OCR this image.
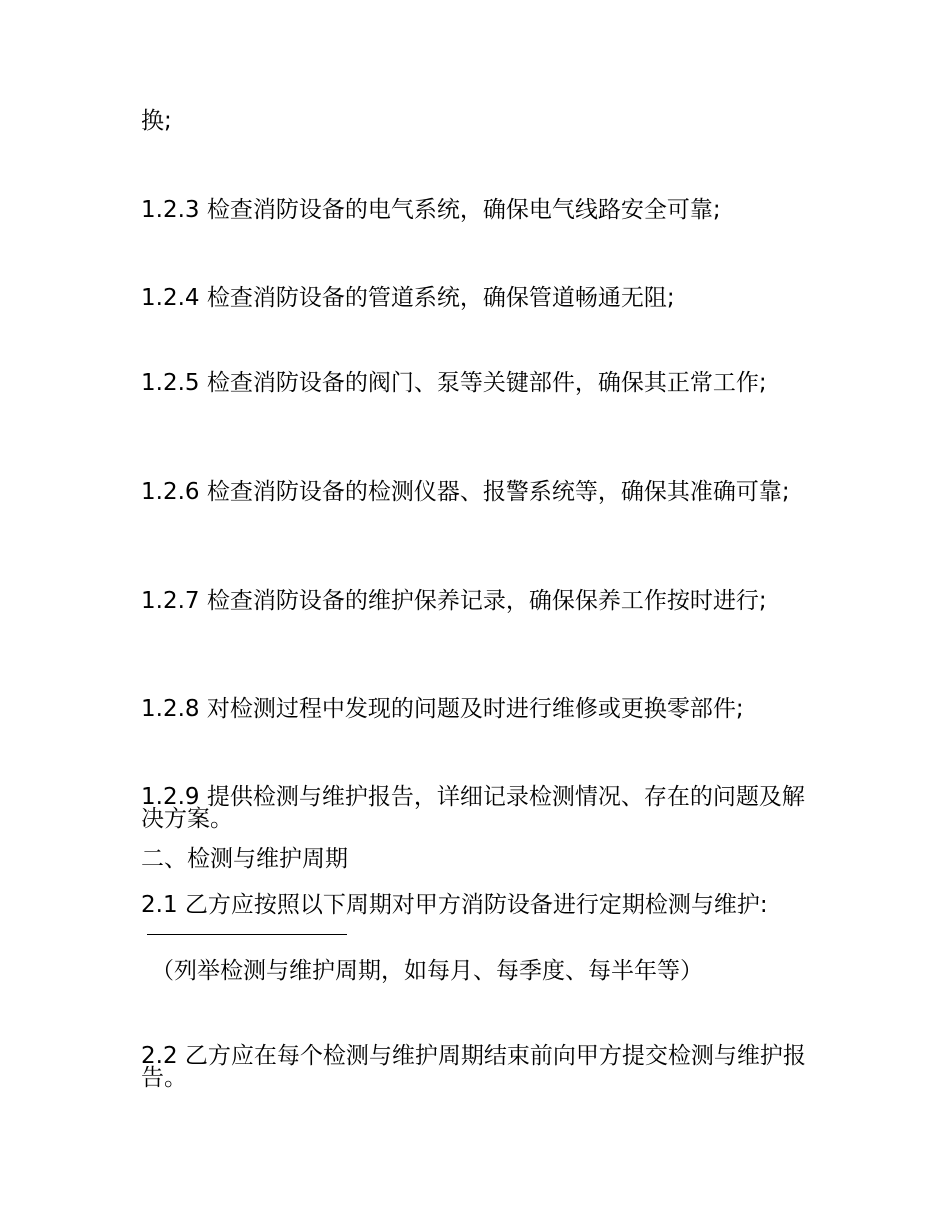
换;
1.2.3 检查消防设备的电气系统，确保电气线路安全可靠;
1.2.4 检查消防设备的管道系统，确保管道畅通无阻;
1.2.5 检查消防设备的阀门、泵等关键部件，确保其正常工作;
1.2.6 检查消防设备的检测仪器、报警系统等，确保其准确可靠;
1.2.7 检查消防设备的维护保养记录，确保保养工作按时进行;
1.2.8 对检测过程中发现的问题及时进行维修或更换零部件;
1.2.9 提供检测与维护报告，详细记录检测情况、存在的问题及解决方案。
二、检测与维护周期
2.1 乙方应按照以下周期对甲方消防设备进行定期检测与维护:
（列举检测与维护周期，如每月、每季度、每半年等）
2.2 乙方应在每个检测与维护周期结束前向甲方提交检测与维护报告。
